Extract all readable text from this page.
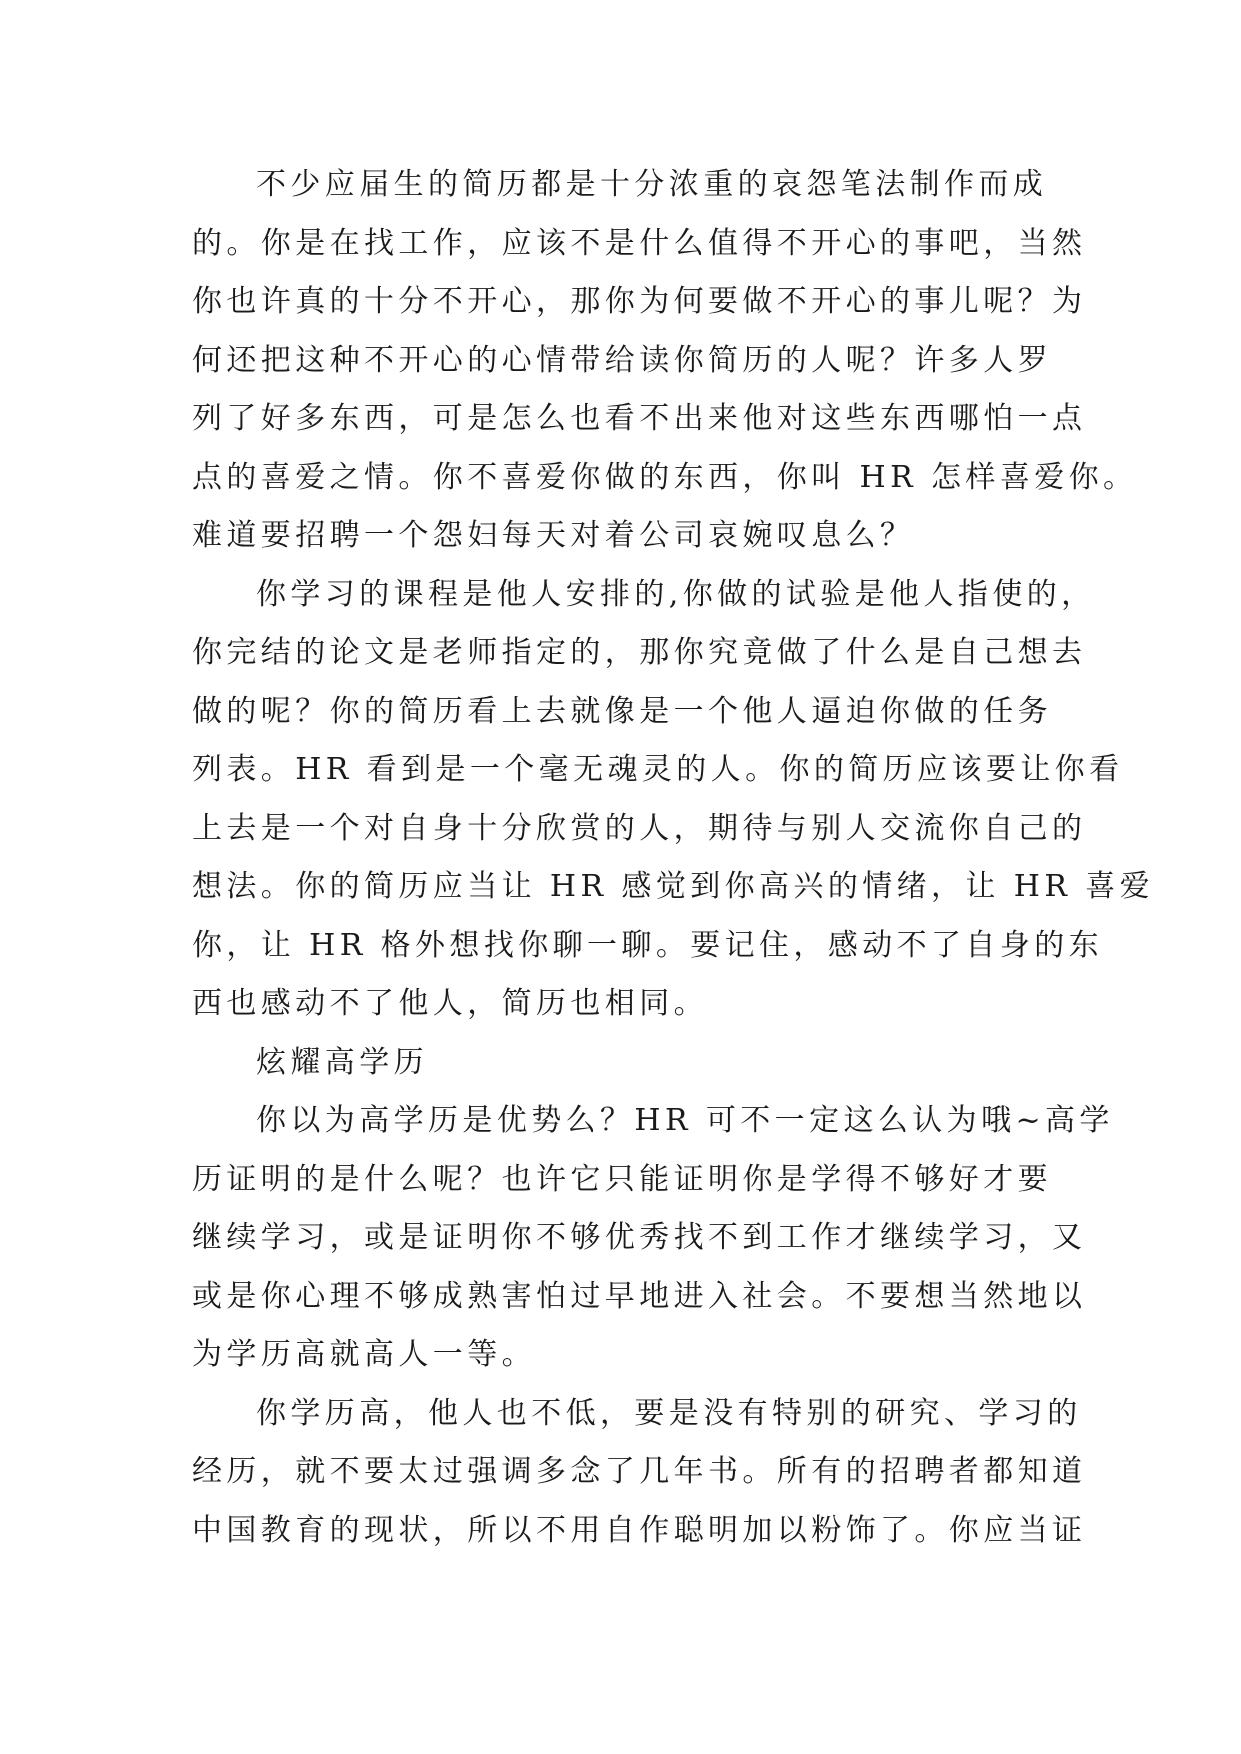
不少应届生的简历都是十分浓重的哀怨笔法制作而成
的。你是在找工作，应该不是什么值得不开心的事吧，当然
你也许真的十分不开心，那你为何要做不开心的事儿呢？为
何还把这种不开心的心情带给读你简历的人呢？许多人罗
列了好多东西，可是怎么也看不出来他对这些东西哪怕一点
点的喜爱之情。你不喜爱你做的东西，你叫 HR 怎样喜爱你。
难道要招聘一个怨妇每天对着公司哀婉叹息么？
你学习的课程是他人安排的,你做的试验是他人指使的，
你完结的论文是老师指定的，那你究竟做了什么是自己想去
做的呢？你的简历看上去就像是一个他人逼迫你做的任务
列表。HR 看到是一个毫无魂灵的人。你的简历应该要让你看
上去是一个对自身十分欣赏的人，期待与别人交流你自己的
想法。你的简历应当让 HR 感觉到你高兴的情绪，让 HR 喜爱
你，让 HR 格外想找你聊一聊。要记住，感动不了自身的东
西也感动不了他人，简历也相同。
炫耀高学历
你以为高学历是优势么？HR 可不一定这么认为哦~高学
历证明的是什么呢？也许它只能证明你是学得不够好才要
继续学习，或是证明你不够优秀找不到工作才继续学习，又
或是你心理不够成熟害怕过早地进入社会。不要想当然地以
为学历高就高人一等。
你学历高，他人也不低，要是没有特别的研究、学习的
经历，就不要太过强调多念了几年书。所有的招聘者都知道
中国教育的现状，所以不用自作聪明加以粉饰了。你应当证
